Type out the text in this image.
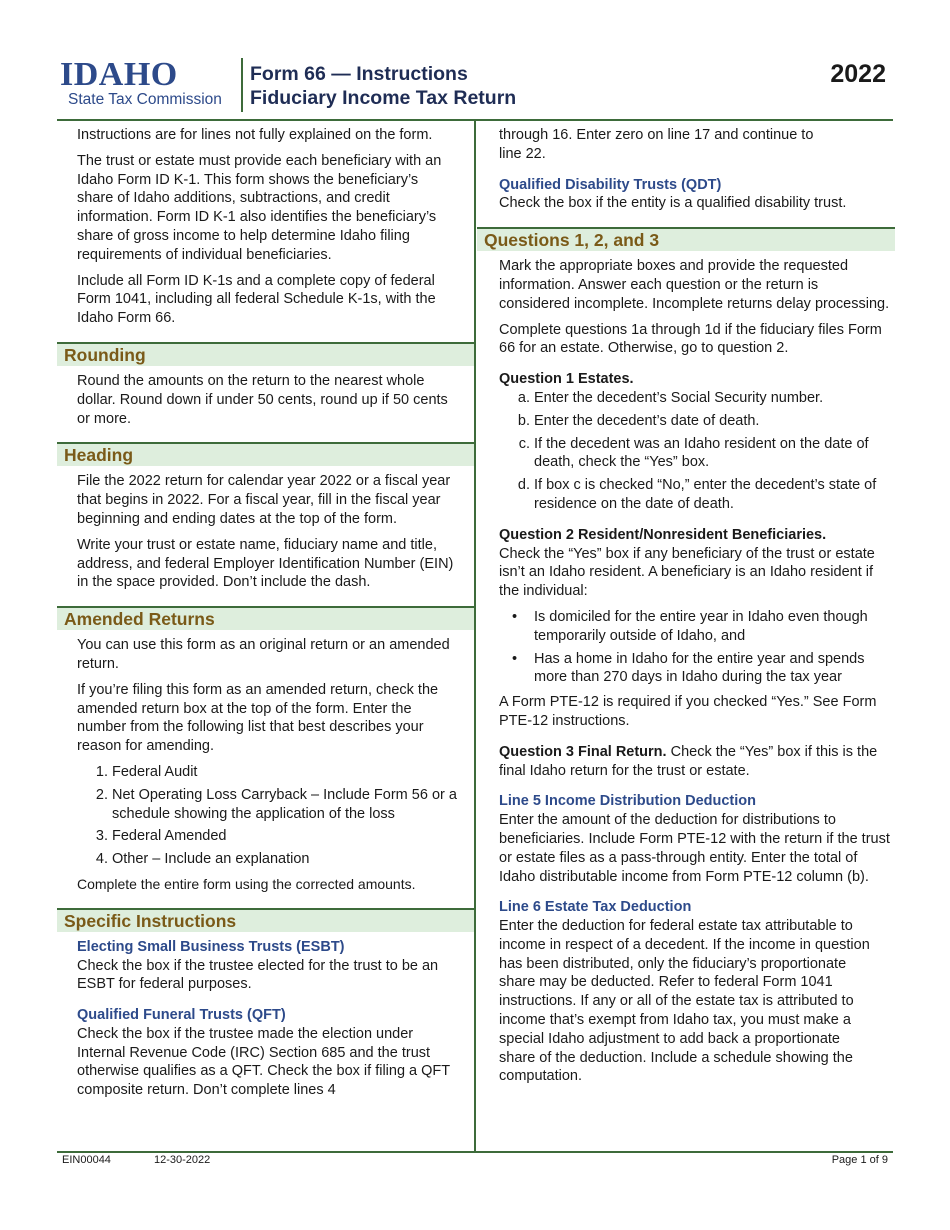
IDAHO
State Tax Commission
Form 66 — Instructions
Fiduciary Income Tax Return
2022

Instructions are for lines not fully explained on the form.

The trust or estate must provide each beneficiary with an Idaho Form ID K-1. This form shows the beneficiary’s share of Idaho additions, subtractions, and credit information. Form ID K-1 also identifies the beneficiary’s share of gross income to help determine Idaho filing requirements of individual beneficiaries.

Include all Form ID K-1s and a complete copy of federal Form 1041, including all federal Schedule K-1s, with the Idaho Form 66.

Rounding

Round the amounts on the return to the nearest whole dollar. Round down if under 50 cents, round up if 50 cents or more.

Heading

File the 2022 return for calendar year 2022 or a fiscal year that begins in 2022. For a fiscal year, fill in the fiscal year beginning and ending dates at the top of the form.

Write your trust or estate name, fiduciary name and title, address, and federal Employer Identification Number (EIN) in the space provided. Don’t include the dash.

Amended Returns

You can use this form as an original return or an amended return.

If you’re filing this form as an amended return, check the amended return box at the top of the form. Enter the number from the following list that best describes your reason for amending.

1. Federal Audit
2. Net Operating Loss Carryback – Include Form 56 or a schedule showing the application of the loss
3. Federal Amended
4. Other – Include an explanation

Complete the entire form using the corrected amounts.

Specific Instructions
Electing Small Business Trusts (ESBT)

Check the box if the trustee elected for the trust to be an ESBT for federal purposes.

Qualified Funeral Trusts (QFT)

Check the box if the trustee made the election under Internal Revenue Code (IRC) Section 685 and the trust otherwise qualifies as a QFT. Check the box if filing a QFT composite return. Don’t complete lines 4

through 16. Enter zero on line 17 and continue to line 22.

Qualified Disability Trusts (QDT)

Check the box if the entity is a qualified disability trust.

Questions 1, 2, and 3

Mark the appropriate boxes and provide the requested information. Answer each question or the return is considered incomplete. Incomplete returns delay processing.

Complete questions 1a through 1d if the fiduciary files Form 66 for an estate. Otherwise, go to question 2.

Question 1 Estates.
a. Enter the decedent’s Social Security number.
b. Enter the decedent’s date of death.
c. If the decedent was an Idaho resident on the date of death, check the “Yes” box.
d. If box c is checked “No,” enter the decedent’s state of residence on the date of death.
Question 2 Resident/Nonresident Beneficiaries.

Check the “Yes” box if any beneficiary of the trust or estate isn’t an Idaho resident. A beneficiary is an Idaho resident if the individual:

• Is domiciled for the entire year in Idaho even though temporarily outside of Idaho, and
• Has a home in Idaho for the entire year and spends more than 270 days in Idaho during the tax year

A Form PTE-12 is required if you checked “Yes.” See Form PTE-12 instructions.

Question 3 Final Return. Check the “Yes” box if this is the final Idaho return for the trust or estate.

Line 5 Income Distribution Deduction

Enter the amount of the deduction for distributions to beneficiaries. Include Form PTE-12 with the return if the trust or estate files as a pass-through entity. Enter the total of Idaho distributable income from Form PTE-12 column (b).

Line 6 Estate Tax Deduction

Enter the deduction for federal estate tax attributable to income in respect of a decedent. If the income in question has been distributed, only the fiduciary’s proportionate share may be deducted. Refer to federal Form 1041 instructions. If any or all of the estate tax is attributed to income that’s exempt from Idaho tax, you must make a special Idaho adjustment to add back a proportionate share of the deduction. Include a schedule showing the computation.

EIN00044	12-30-2022	Page 1 of 9
